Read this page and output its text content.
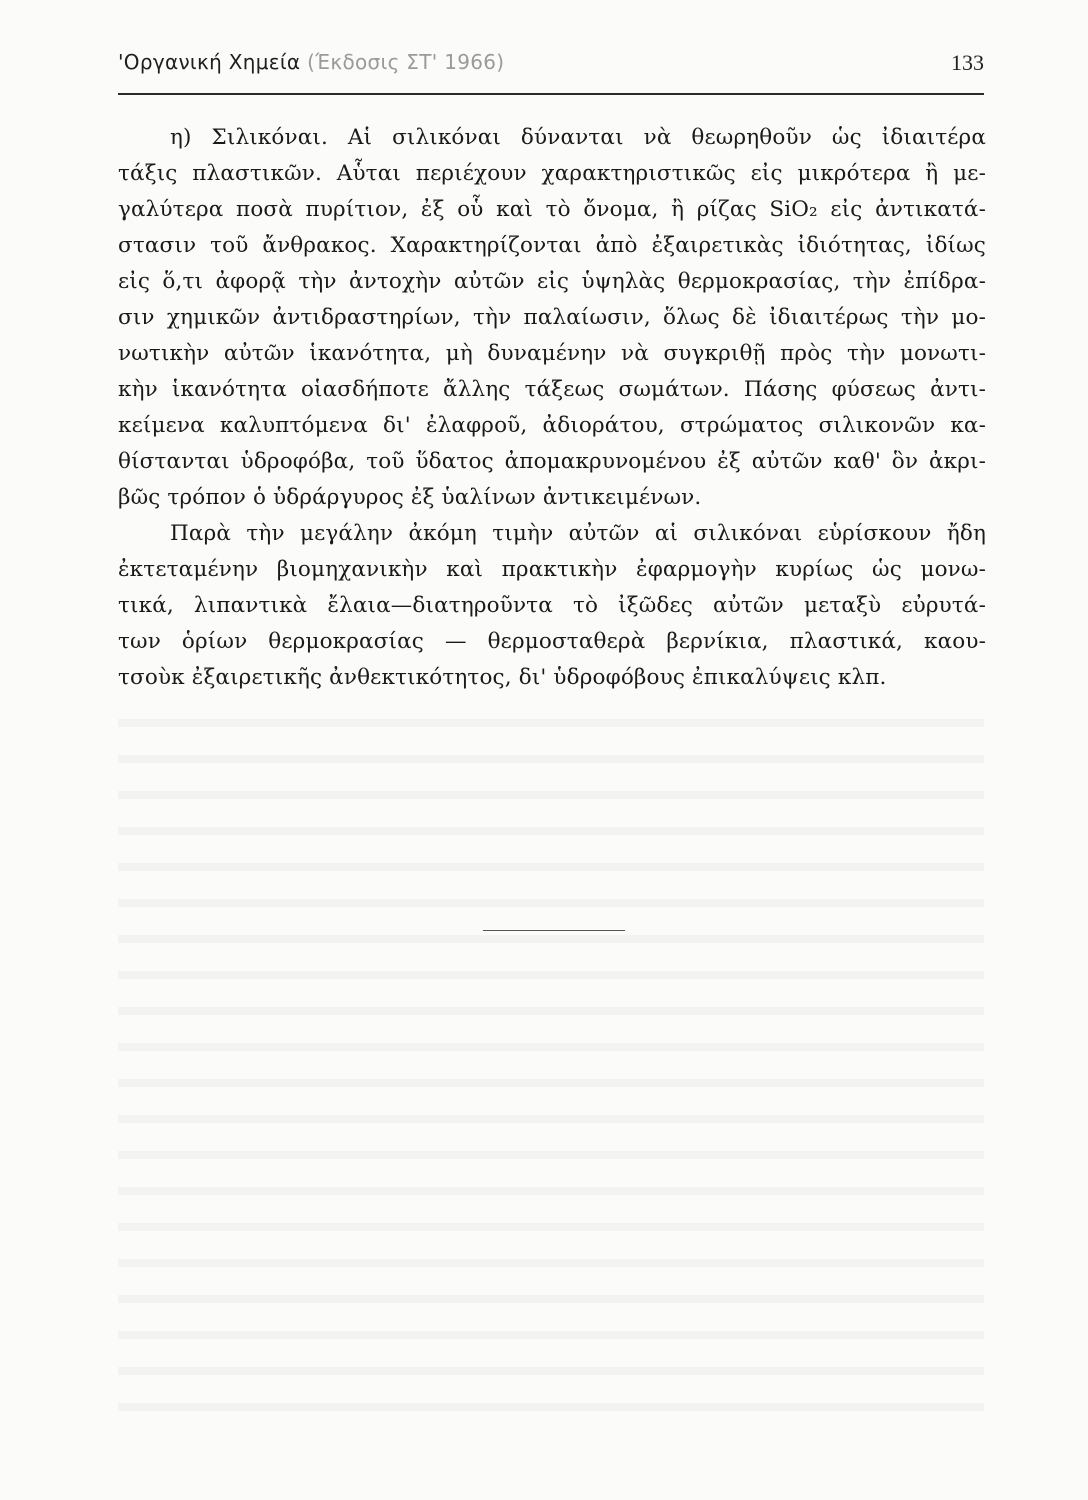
'Οργανική Χημεία (Έκδοσις ΣΤ' 1966)	133
η) Σιλικόναι. Αἱ σιλικόναι δύνανται νὰ θεωρηθοῦν ὡς ἰδιαιτέρα
τάξις πλαστικῶν. Αὗται περιέχουν χαρακτηριστικῶς εἰς μικρότερα ἢ με-
γαλύτερα ποσὰ πυρίτιον, ἐξ οὗ καὶ τὸ ὄνομα, ἢ ρίζας SiO₂ εἰς ἀντικατά-
στασιν τοῦ ἄνθρακος. Χαρακτηρίζονται ἀπὸ ἐξαιρετικὰς ἰδιότητας, ἰδίως
εἰς ὅ,τι ἀφορᾷ τὴν ἀντοχὴν αὐτῶν εἰς ὑψηλὰς θερμοκρασίας, τὴν ἐπίδρα-
σιν χημικῶν ἀντιδραστηρίων, τὴν παλαίωσιν, ὅλως δὲ ἰδιαιτέρως τὴν μο-
νωτικὴν αὐτῶν ἱκανότητα, μὴ δυναμένην νὰ συγκριθῇ πρὸς τὴν μονωτι-
κὴν ἱκανότητα οἱασδήποτε ἄλλης τάξεως σωμάτων. Πάσης φύσεως ἀντι-
κείμενα καλυπτόμενα δι' ἐλαφροῦ, ἀδιοράτου, στρώματος σιλικονῶν κα-
θίστανται ὑδροφόβα, τοῦ ὕδατος ἀπομακρυνομένου ἐξ αὐτῶν καθ' ὃν ἀκρι-
βῶς τρόπον ὁ ὑδράργυρος ἐξ ὑαλίνων ἀντικειμένων.
Παρὰ τὴν μεγάλην ἀκόμη τιμὴν αὐτῶν αἱ σιλικόναι εὑρίσκουν ἤδη
ἐκτεταμένην βιομηχανικὴν καὶ πρακτικὴν ἐφαρμογὴν κυρίως ὡς μονω-
τικά, λιπαντικὰ ἔλαια—διατηροῦντα τὸ ἰξῶδες αὐτῶν μεταξὺ εὐρυτά-
των ὁρίων θερμοκρασίας — θερμοσταθερὰ βερνίκια, πλαστικά, καου-
τσοὺκ ἐξαιρετικῆς ἀνθεκτικότητος, δι' ὑδροφόβους ἐπικαλύψεις κλπ.
